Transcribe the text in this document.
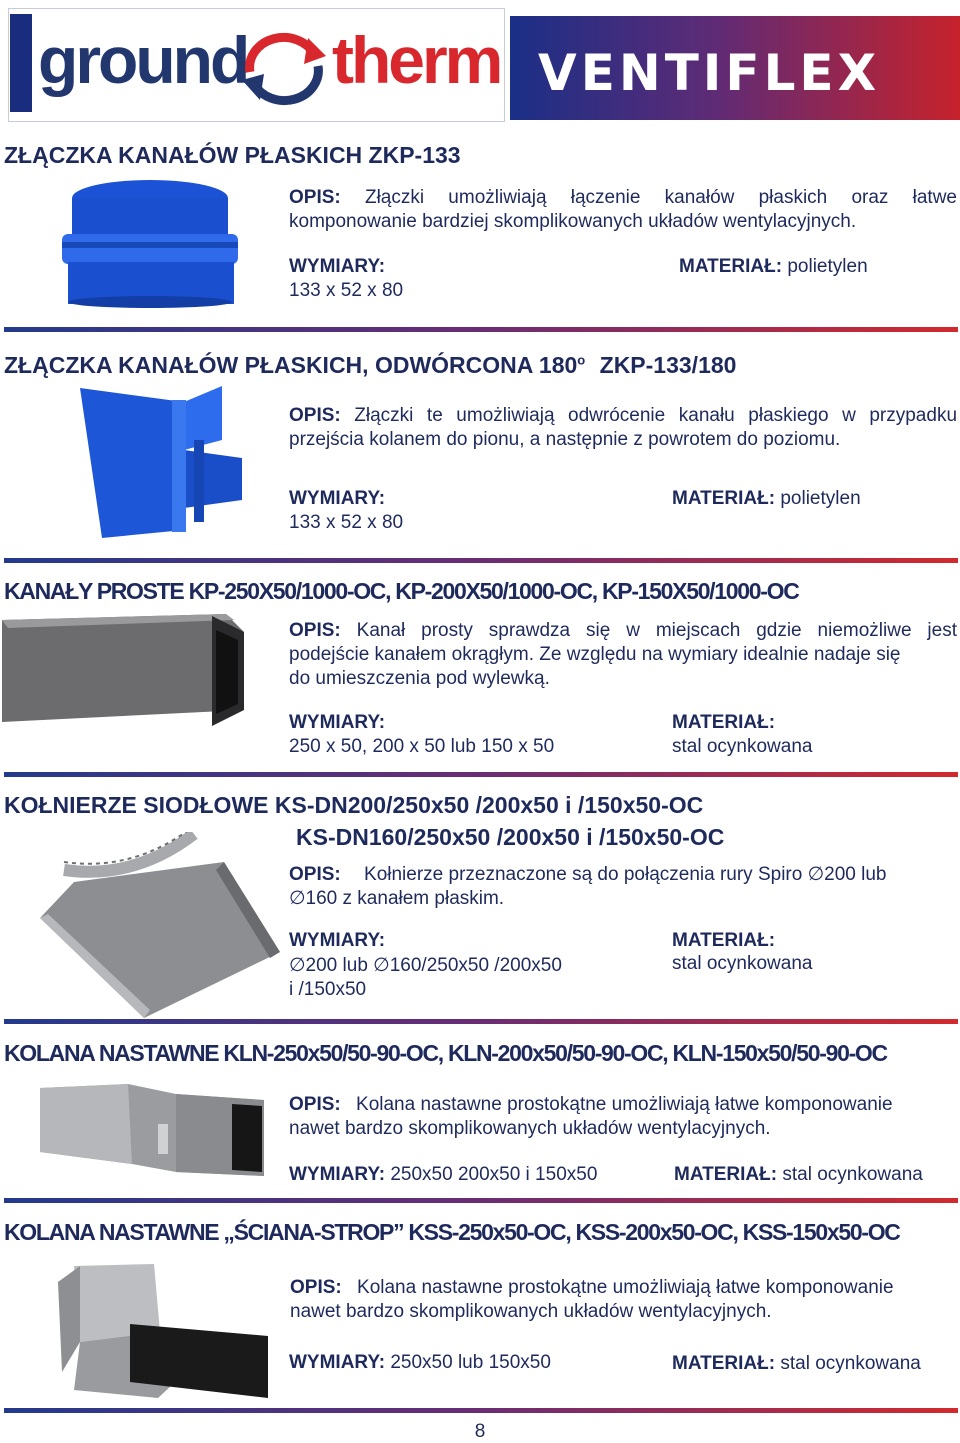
ground therm VENTIFLEX
ZŁĄCZKA KANAŁÓW PŁASKICH ZKP-133
OPIS: Złączki umożliwiają łączenie kanałów płaskich oraz łatwe
komponowanie bardziej skomplikowanych układów wentylacyjnych.
WYMIARY:
133 x 52 x 80
MATERIAŁ: polietylen
ZŁĄCZKA KANAŁÓW PŁASKICH, ODWÓRCONA 180$^o$ ZKP-133/180
OPIS: Złączki te umożliwiają odwrócenie kanału płaskiego w przypadku
przejścia kolanem do pionu, a następnie z powrotem do poziomu.
WYMIARY:
133 x 52 x 80
MATERIAŁ: polietylen
KANAŁY PROSTE KP-250X50/1000-OC, KP-200X50/1000-OC, KP-150X50/1000-OC
OPIS: Kanał prosty sprawdza się w miejscach gdzie niemożliwe jest
podejście kanałem okrągłym. Ze względu na wymiary idealnie nadaje się
do umieszczenia pod wylewką.
WYMIARY:
250 x 50, 200 x 50 lub 150 x 50
MATERIAŁ:
stal ocynkowana
KOŁNIERZE SIODŁOWE KS-DN200/250x50 /200x50 i /150x50-OC
KS-DN160/250x50 /200x50 i /150x50-OC
OPIS: Kołnierze przeznaczone są do połączenia rury Spiro ∅200 lub
∅160 z kanałem płaskim.
WYMIARY:
∅200 lub ∅160/250x50 /200x50
i /150x50
MATERIAŁ:
stal ocynkowana
KOLANA NASTAWNE KLN-250x50/50-90-OC, KLN-200x50/50-90-OC, KLN-150x50/50-90-OC
OPIS: Kolana nastawne prostokątne umożliwiają łatwe komponowanie
nawet bardzo skomplikowanych układów wentylacyjnych.
WYMIARY: 250x50 200x50 i 150x50	MATERIAŁ: stal ocynkowana
KOLANA NASTAWNE „ŚCIANA-STROP” KSS-250x50-OC, KSS-200x50-OC, KSS-150x50-OC
OPIS: Kolana nastawne prostokątne umożliwiają łatwe komponowanie
nawet bardzo skomplikowanych układów wentylacyjnych.
WYMIARY: 250x50 lub 150x50	MATERIAŁ: stal ocynkowana
8
